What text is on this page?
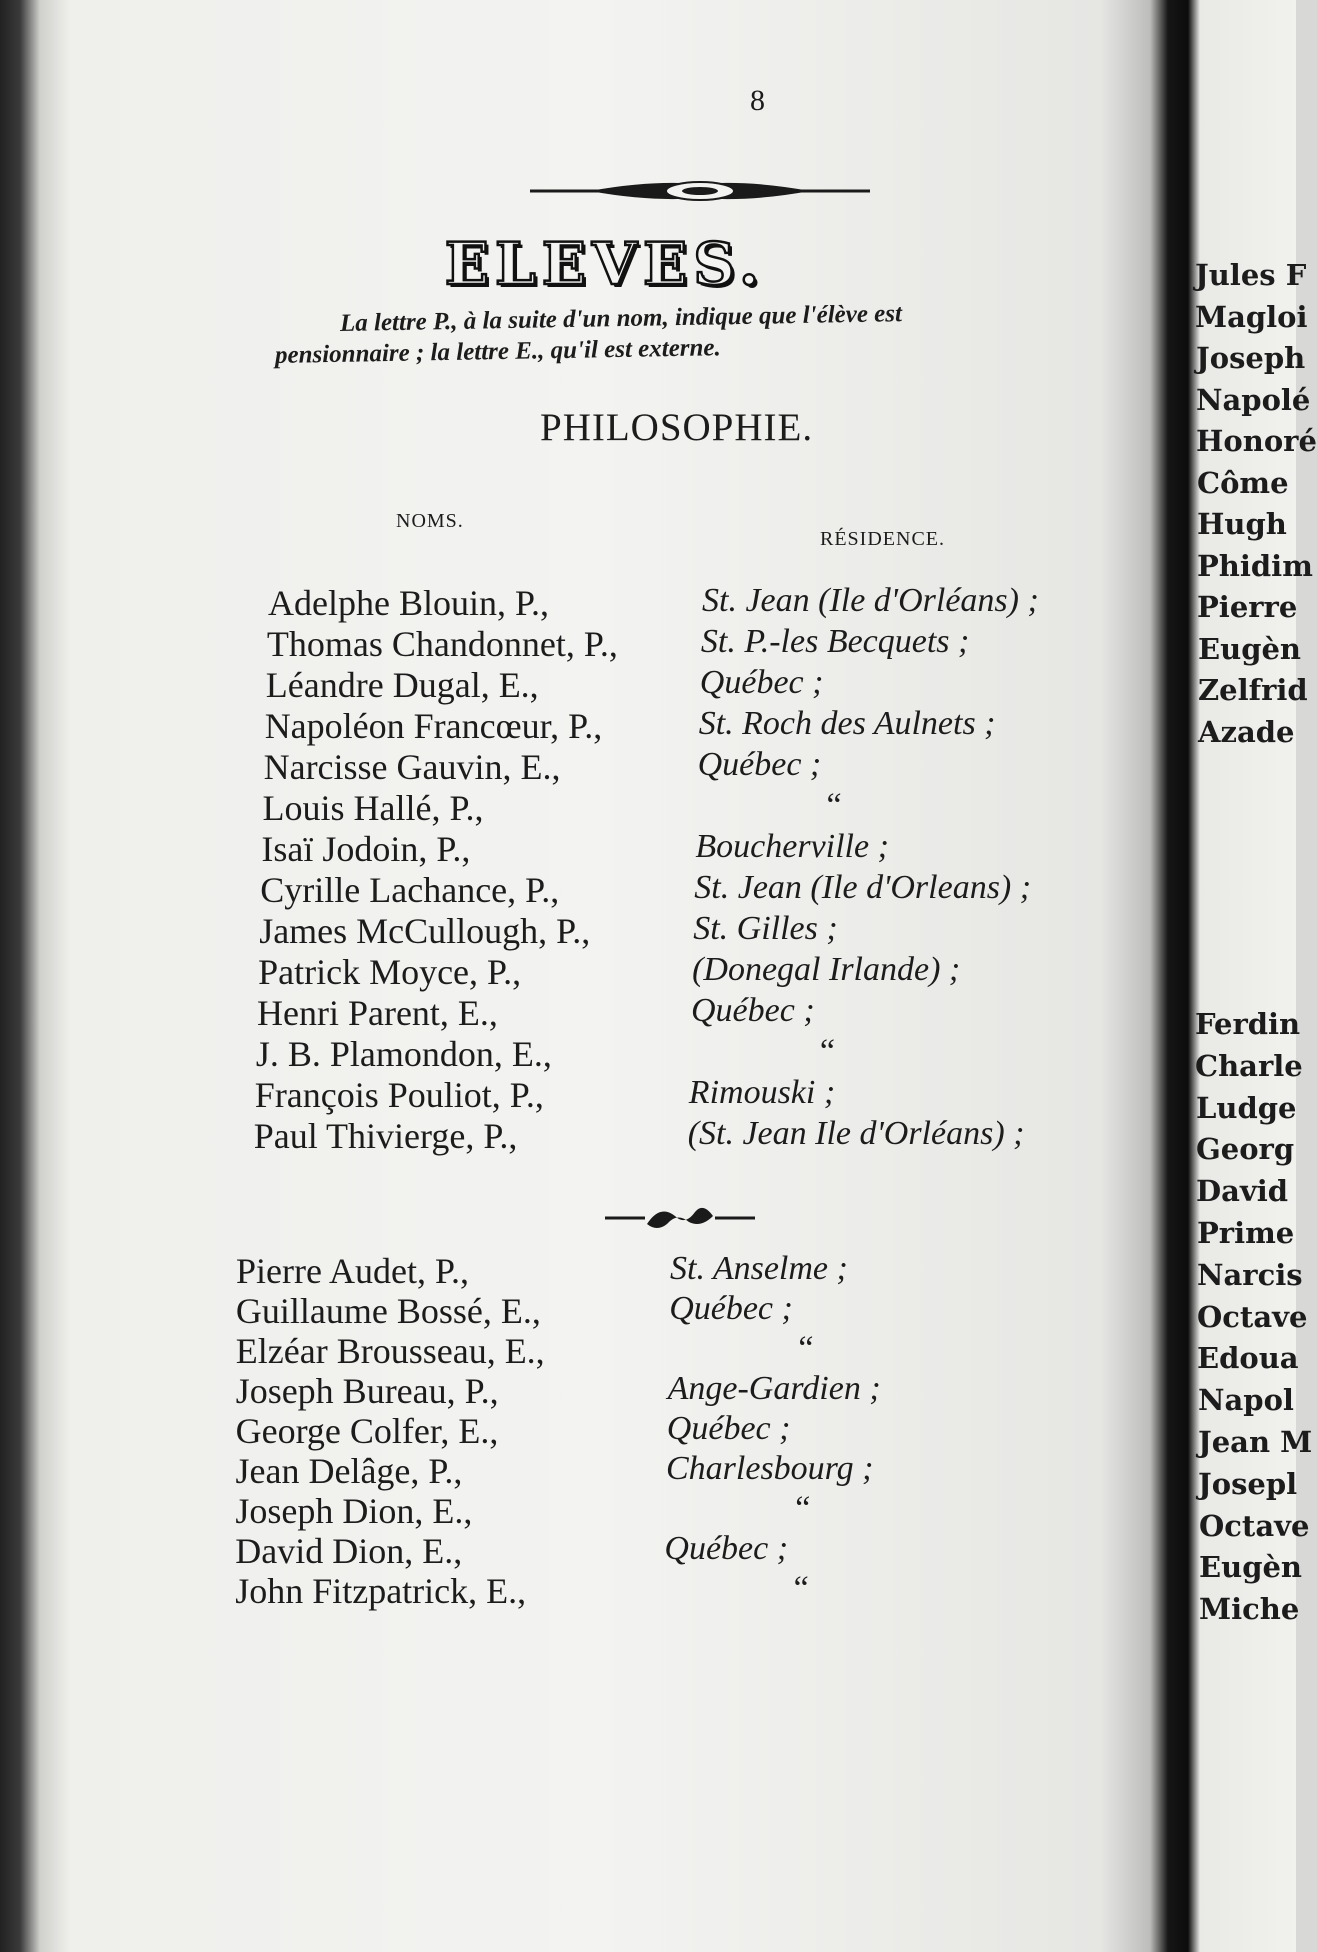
8
ELEVES.
La lettre P., à la suite d'un nom, indique que l'élève est
pensionnaire ; la lettre E., qu'il est externe.
PHILOSOPHIE.
NOMS.
RÉSIDENCE.
Adelphe Blouin, P.,	St. Jean (Ile d'Orléans) ;
Thomas Chandonnet, P., St. P.-les Becquets ;
Léandre Dugal, E.,	Québec ;
Napoléon Francœur, P.,	St. Roch des Aulnets ;
Narcisse Gauvin, E.,	Québec ;
Louis Hallé, P.,	“
Isaï Jodoin, P.,	Boucherville ;
Cyrille Lachance, P.,	St. Jean (Ile d'Orleans) ;
James McCullough, P.,	St. Gilles ;
Patrick Moyce, P.,	(Donegal Irlande) ;
Henri Parent, E.,	Québec ;
J. B. Plamondon, E.,	“
François Pouliot, P.,	Rimouski ;
Paul Thivierge, P.,	(St. Jean Ile d'Orléans) ;
Pierre Audet, P.,	St. Anselme ;
Guillaume Bossé, E.,	Québec ;
Elzéar Brousseau, E.,	“
Joseph Bureau, P.,	Ange-Gardien ;
George Colfer, E.,	Québec ;
Jean Delâge, P.,	Charlesbourg ;
Joseph Dion, E.,	“
David Dion, E.,	Québec ;
John Fitzpatrick, E.,	“
Jules F
Magloi
Joseph
Napolé
Honoré
Côme
Hugh
Phidim
Pierre
Eugèn
Zelfrid
Azade
Ferdin
Charle
Ludge
Georg
David
Prime
Narcis
Octave
Edoua
Napol
Jean M
Josepl
Octave
Eugèn
Miche
